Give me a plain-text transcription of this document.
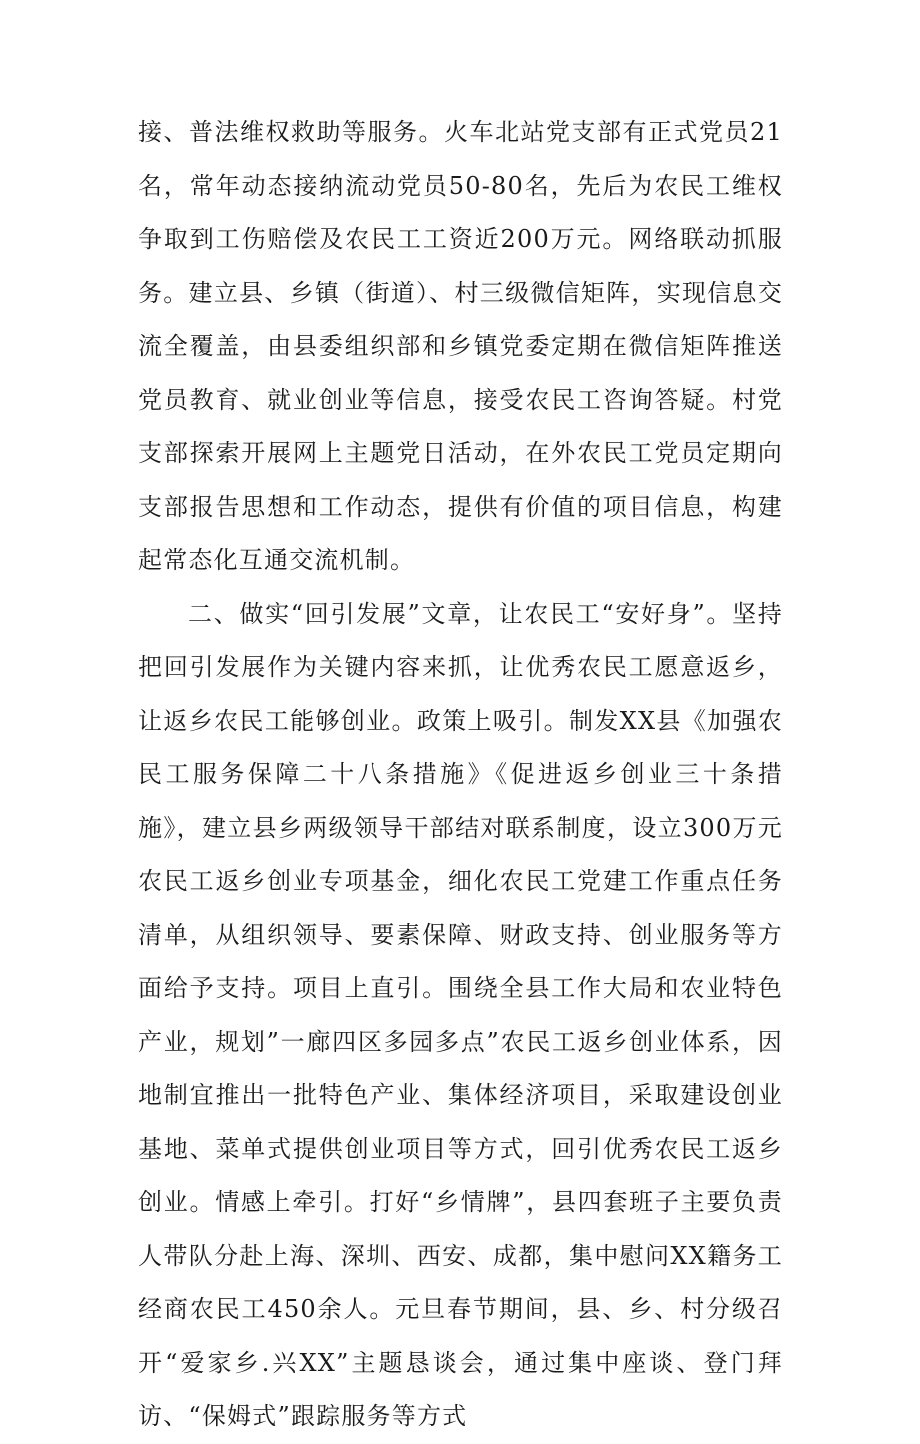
接、普法维权救助等服务。火车北站党支部有正式党员21名，常年动态接纳流动党员50-80名，先后为农民工维权争取到工伤赔偿及农民工工资近200万元。网络联动抓服务。建立县、乡镇（街道）、村三级微信矩阵，实现信息交流全覆盖，由县委组织部和乡镇党委定期在微信矩阵推送党员教育、就业创业等信息，接受农民工咨询答疑。村党支部探索开展网上主题党日活动，在外农民工党员定期向支部报告思想和工作动态，提供有价值的项目信息，构建起常态化互通交流机制。

二、做实“回引发展”文章，让农民工“安好身”。坚持把回引发展作为关键内容来抓，让优秀农民工愿意返乡，让返乡农民工能够创业。政策上吸引。制发XX县《加强农民工服务保障二十八条措施》《促进返乡创业三十条措施》，建立县乡两级领导干部结对联系制度，设立300万元农民工返乡创业专项基金，细化农民工党建工作重点任务清单，从组织领导、要素保障、财政支持、创业服务等方面给予支持。项目上直引。围绕全县工作大局和农业特色产业，规划”一廊四区多园多点”农民工返乡创业体系，因地制宜推出一批特色产业、集体经济项目，采取建设创业基地、菜单式提供创业项目等方式，回引优秀农民工返乡创业。情感上牵引。打好“乡情牌”，县四套班子主要负责人带队分赴上海、深圳、西安、成都，集中慰问XX籍务工经商农民工450余人。元旦春节期间，县、乡、村分级召开“爱家乡.兴XX”主题恳谈会，通过集中座谈、登门拜访、“保姆式”跟踪服务等方式
